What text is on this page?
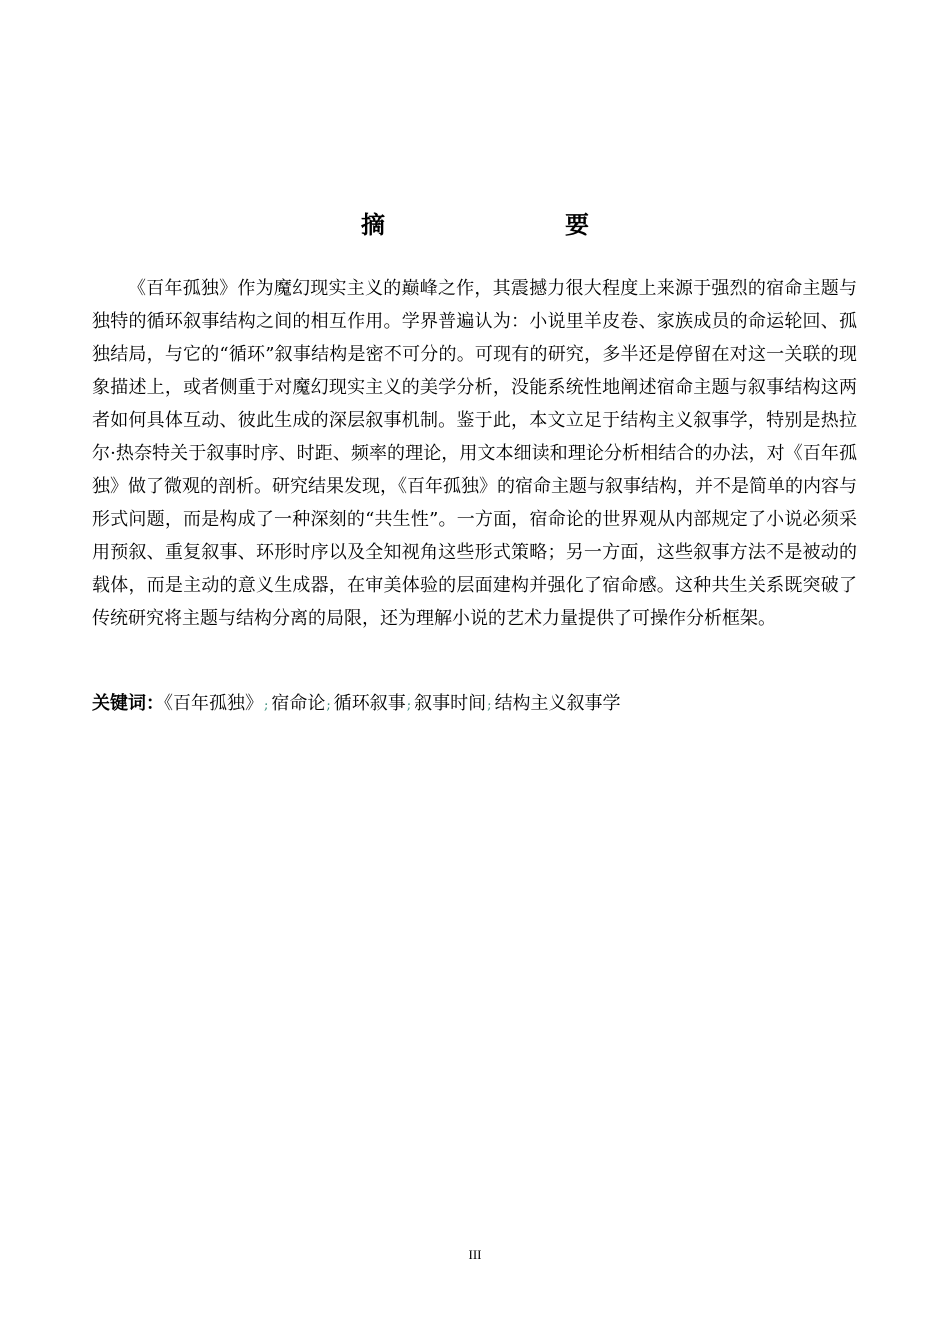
摘　　要

《百年孤独》作为魔幻现实主义的巅峰之作，其震撼力很大程度上来源于强烈的宿命主题与独特的循环叙事结构之间的相互作用。学界普遍认为：小说里羊皮卷、家族成员的命运轮回、孤独结局，与它的“循环”叙事结构是密不可分的。可现有的研究，多半还是停留在对这一关联的现象描述上，或者侧重于对魔幻现实主义的美学分析，没能系统性地阐述宿命主题与叙事结构这两者如何具体互动、彼此生成的深层叙事机制。鉴于此，本文立足于结构主义叙事学，特别是热拉尔·热奈特关于叙事时序、时距、频率的理论，用文本细读和理论分析相结合的办法，对《百年孤独》做了微观的剖析。研究结果发现，《百年孤独》的宿命主题与叙事结构，并不是简单的内容与形式问题，而是构成了一种深刻的“共生性”。一方面，宿命论的世界观从内部规定了小说必须采用预叙、重复叙事、环形时序以及全知视角这些形式策略；另一方面，这些叙事方法不是被动的载体，而是主动的意义生成器，在审美体验的层面建构并强化了宿命感。这种共生关系既突破了传统研究将主题与结构分离的局限，还为理解小说的艺术力量提供了可操作分析框架。

关键词：《百年孤独》; 宿命论; 循环叙事; 叙事时间; 结构主义叙事学
III
